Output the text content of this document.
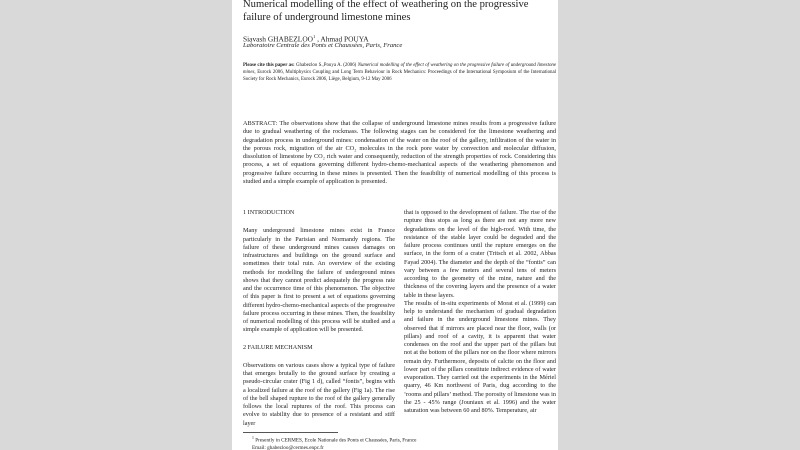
Numerical modelling of the effect of weathering on the progressive failure of underground limestone mines
Siavash GHABEZLOO$^1$ , Ahmad POUYA
Laboratoire Centrale des Ponts et Chaussées, Paris, France
Please cite this paper as: Ghabezloo S.,Pouya A. (2006) Numerical modelling of the effect of weathering on the progressive failure of underground limestone mines, Eurock 2006, Multiphysics Coupling and Long Term Behaviour in Rock Mechanics: Proceedings of the International Symposium of the International Society for Rock Mechanics, Eurock 2006, Liège, Belgium, 9-12 May 2006
ABSTRACT: The observations show that the collapse of underground limestone mines results from a progressive failure due to gradual weathering of the rockmass. The following stages can be considered for the limestone weathering and degradation process in underground mines: condensation of the water on the roof of the gallery, infiltration of the water in the porous rock, migration of the air CO₂ molecules in the rock pore water by convection and molecular diffusion, dissolution of limestone by CO₂ rich water and consequently, reduction of the strength properties of rock. Considering this process, a set of equations governing different hydro-chemo-mechanical aspects of the weathering phenomenon and progressive failure occurring in these mines is presented. Then the feasibility of numerical modelling of this process is studied and a simple example of application is presented.

1 INTRODUCTION

Many underground limestone mines exist in France particularly in the Parisian and Normandy regions. The failure of these underground mines causes damages on infrastructures and buildings on the ground surface and sometimes their total ruin. An overview of the existing methods for modelling the failure of underground mines shows that they cannot predict adequately the progress rate and the occurrence time of this phenomenon. The objective of this paper is first to present a set of equations governing different hydro-chemo-mechanical aspects of the progressive failure process occurring in these mines. Then, the feasibility of numerical modelling of this process will be studied and a simple example of application will be presented.

2 FAILURE MECHANISM

Observations on various cases show a typical type of failure that emerges brutally to the ground surface by creating a pseudo-circular crater (Fig 1 d), called “fontis”, begins with a localized failure at the roof of the gallery (Fig 1a). The rise of the bell shaped rupture to the roof of the gallery generally follows the local ruptures of the roof. This process can evolve to stability due to presence of a resistant and stiff layer

that is opposed to the development of failure. The rise of the rupture thus stops as long as there are not any more new degradations on the level of the high-roof. With time, the resistance of the stable layer could be degraded and the failure process continues until the rupture emerges on the surface, in the form of a crater (Tritsch et al. 2002, Abbas Fayad 2004). The diameter and the depth of the “fontis” can vary between a few meters and several tens of meters according to the geometry of the mine, nature and the thickness of the covering layers and the presence of a water table in these layers.

The results of in-situ experiments of Morat et al. (1999) can help to understand the mechanism of gradual degradation and failure in the underground limestone mines. They observed that if mirrors are placed near the floor, walls (or pillars) and roof of a cavity, it is apparent that water condenses on the roof and the upper part of the pillars but not at the bottom of the pillars nor on the floor where mirrors remain dry. Furthermore, deposits of calcite on the floor and lower part of the pillars constitute indirect evidence of water evaporation. They carried out the experiments in the Mériel quarry, 46 Km northwest of Paris, dug according to the ‘rooms and pillars’ method. The porosity of limestone was in the 25 - 45% range (Jouniaux et al. 1996) and the water saturation was between 60 and 80%. Temperature, air

$^1$ Presently in CERMES, Ecole Nationale des Ponts et Chaussées, Paris, France
Email: ghabezloo@cermes.enpc.fr
